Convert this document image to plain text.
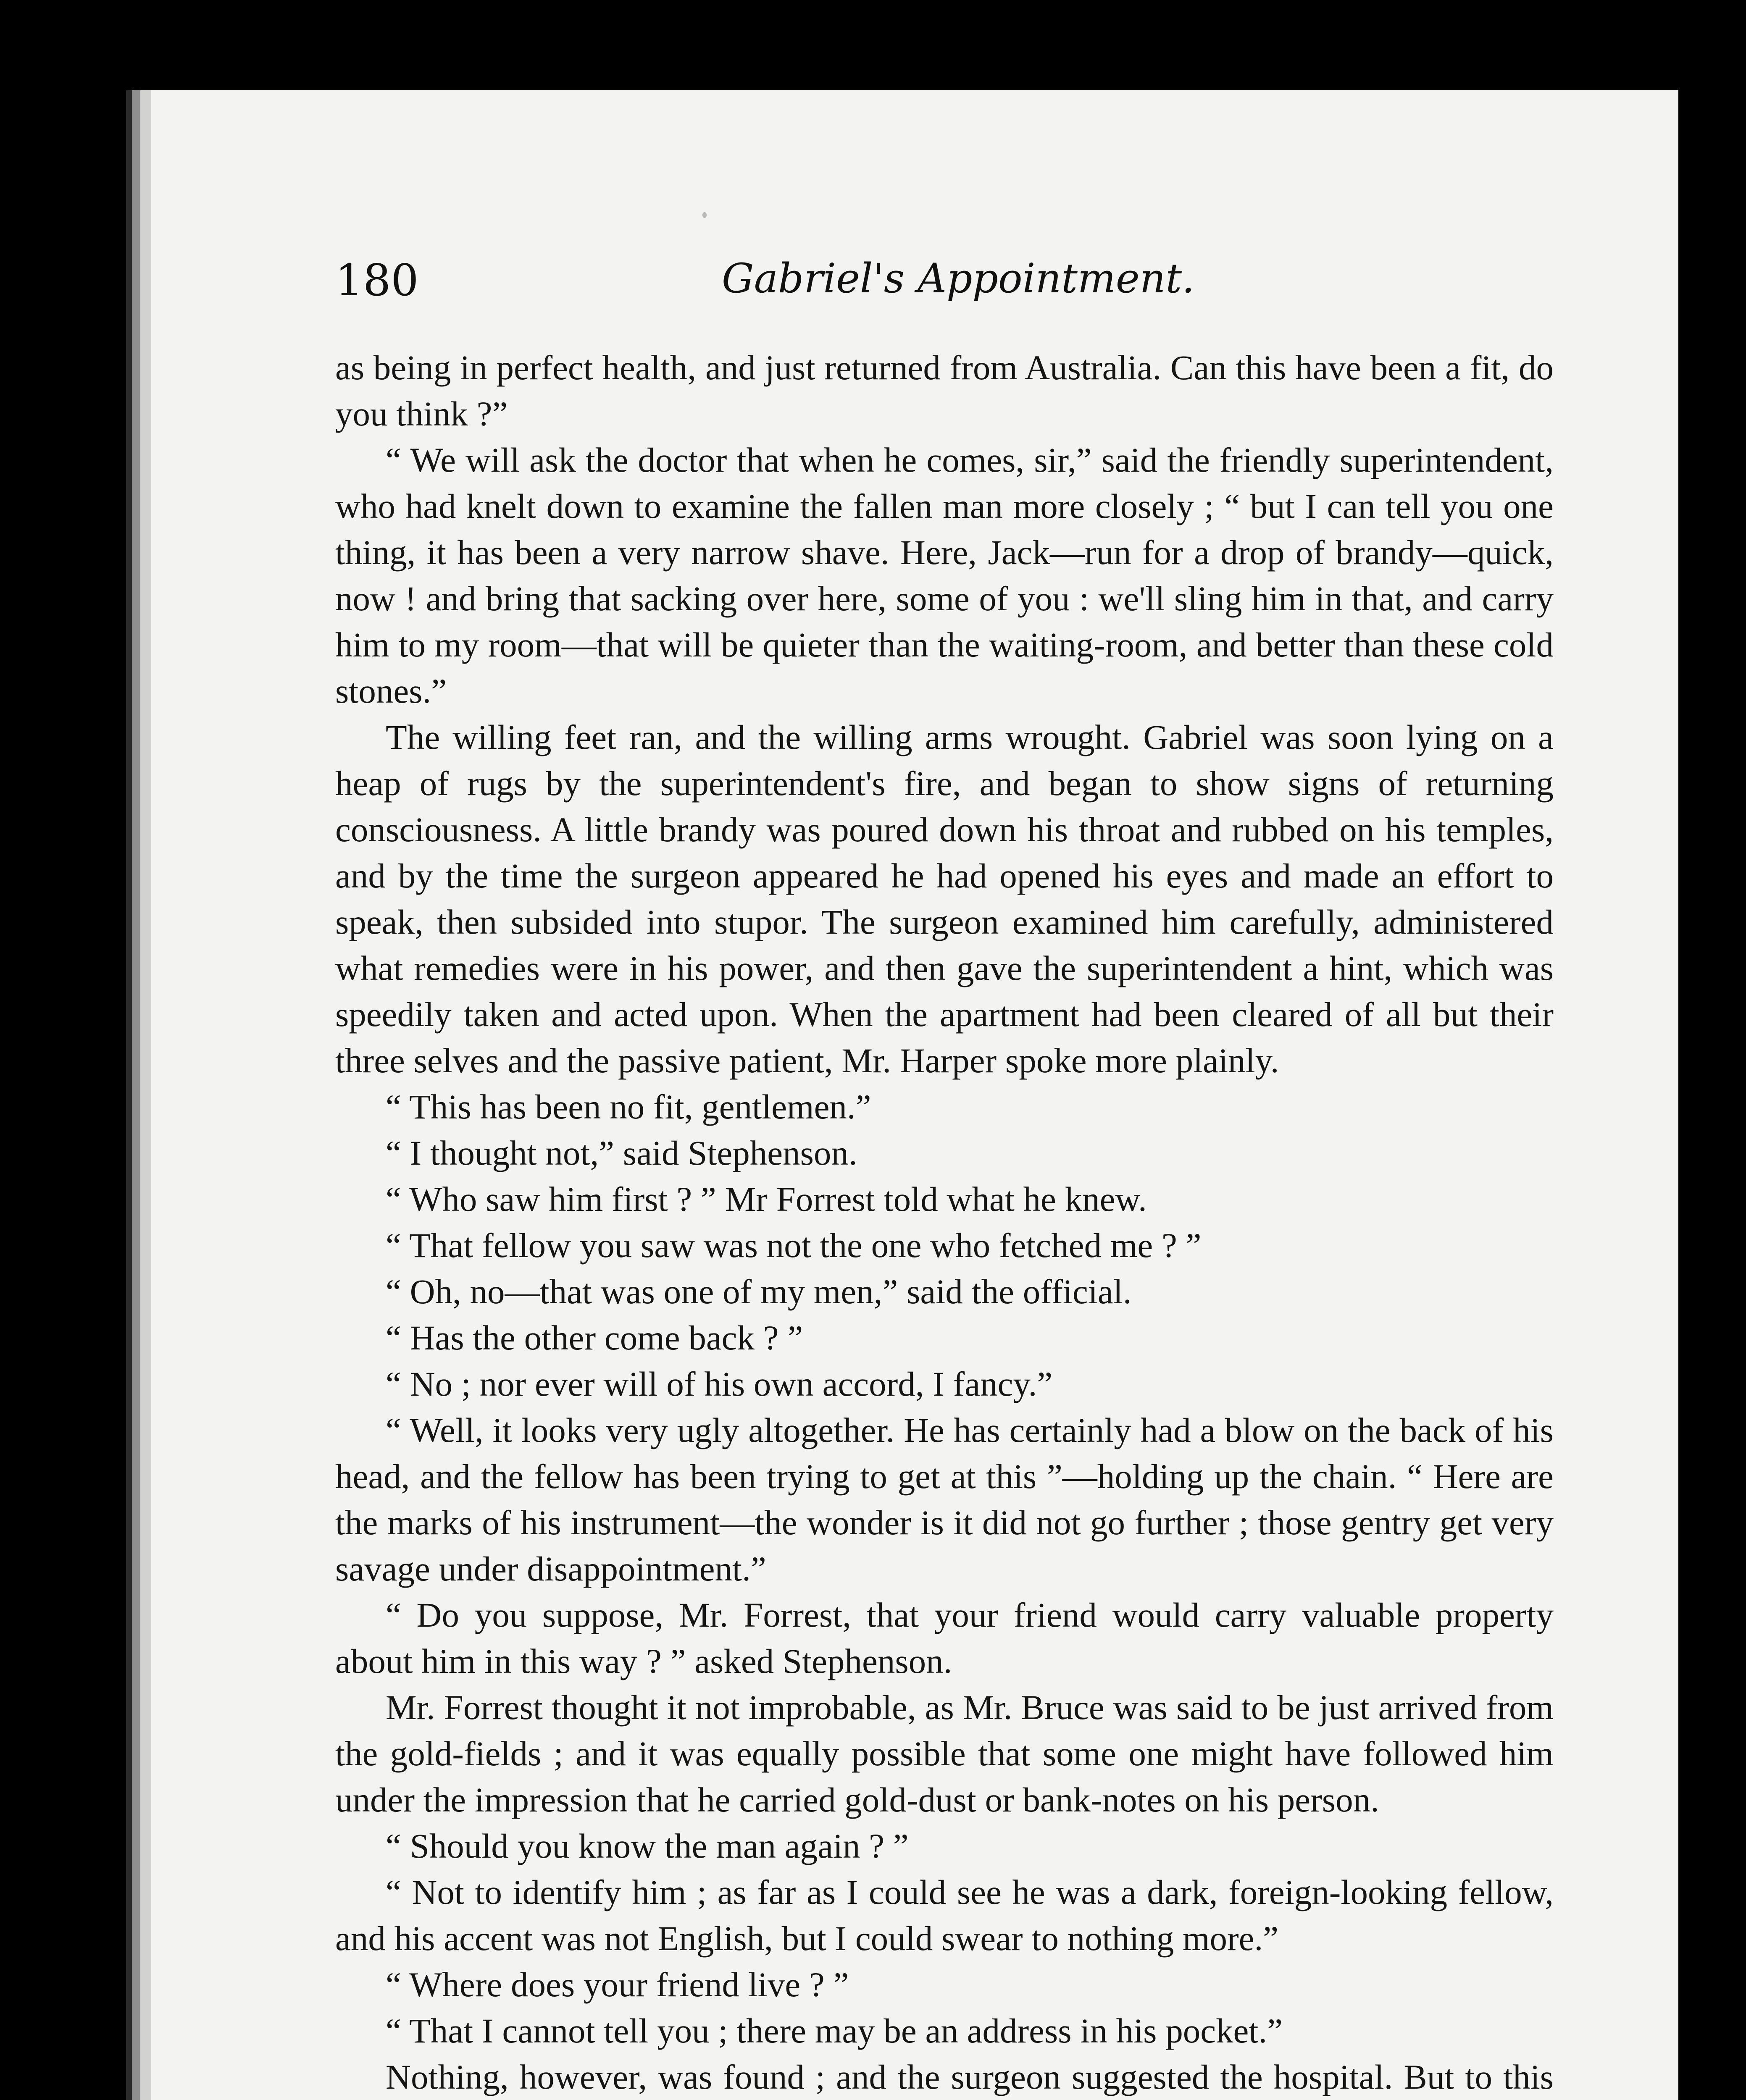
180	Gabriel's Appointment.

as being in perfect health, and just returned from Australia. Can this have been a fit, do you think ?”

“ We will ask the doctor that when he comes, sir,” said the friendly superintendent, who had knelt down to examine the fallen man more closely ; “ but I can tell you one thing, it has been a very narrow shave. Here, Jack—run for a drop of brandy—quick, now ! and bring that sacking over here, some of you : we'll sling him in that, and carry him to my room—that will be quieter than the waiting-room, and better than these cold stones.”

The willing feet ran, and the willing arms wrought. Gabriel was soon lying on a heap of rugs by the superintendent's fire, and began to show signs of returning consciousness. A little brandy was poured down his throat and rubbed on his temples, and by the time the surgeon appeared he had opened his eyes and made an effort to speak, then subsided into stupor. The surgeon examined him carefully, administered what remedies were in his power, and then gave the superintendent a hint, which was speedily taken and acted upon. When the apartment had been cleared of all but their three selves and the passive patient, Mr. Harper spoke more plainly.

“ This has been no fit, gentlemen.”

“ I thought not,” said Stephenson.

“ Who saw him first ? ” Mr Forrest told what he knew.

“ That fellow you saw was not the one who fetched me ? ”

“ Oh, no—that was one of my men,” said the official.

“ Has the other come back ? ”

“ No ; nor ever will of his own accord, I fancy.”

“ Well, it looks very ugly altogether. He has certainly had a blow on the back of his head, and the fellow has been trying to get at this ”—holding up the chain. “ Here are the marks of his instrument—the wonder is it did not go further ; those gentry get very savage under disappointment.”

“ Do you suppose, Mr. Forrest, that your friend would carry valuable property about him in this way ? ” asked Stephenson.

Mr. Forrest thought it not improbable, as Mr. Bruce was said to be just arrived from the gold-fields ; and it was equally possible that some one might have followed him under the impression that he carried gold-dust or bank-notes on his person.

“ Should you know the man again ? ”

“ Not to identify him ; as far as I could see he was a dark, foreign-looking fellow, and his accent was not English, but I could swear to nothing more.”

“ Where does your friend live ? ”

“ That I cannot tell you ; there may be an address in his pocket.”

Nothing, however, was found ; and the surgeon suggested the hospital. But to this
